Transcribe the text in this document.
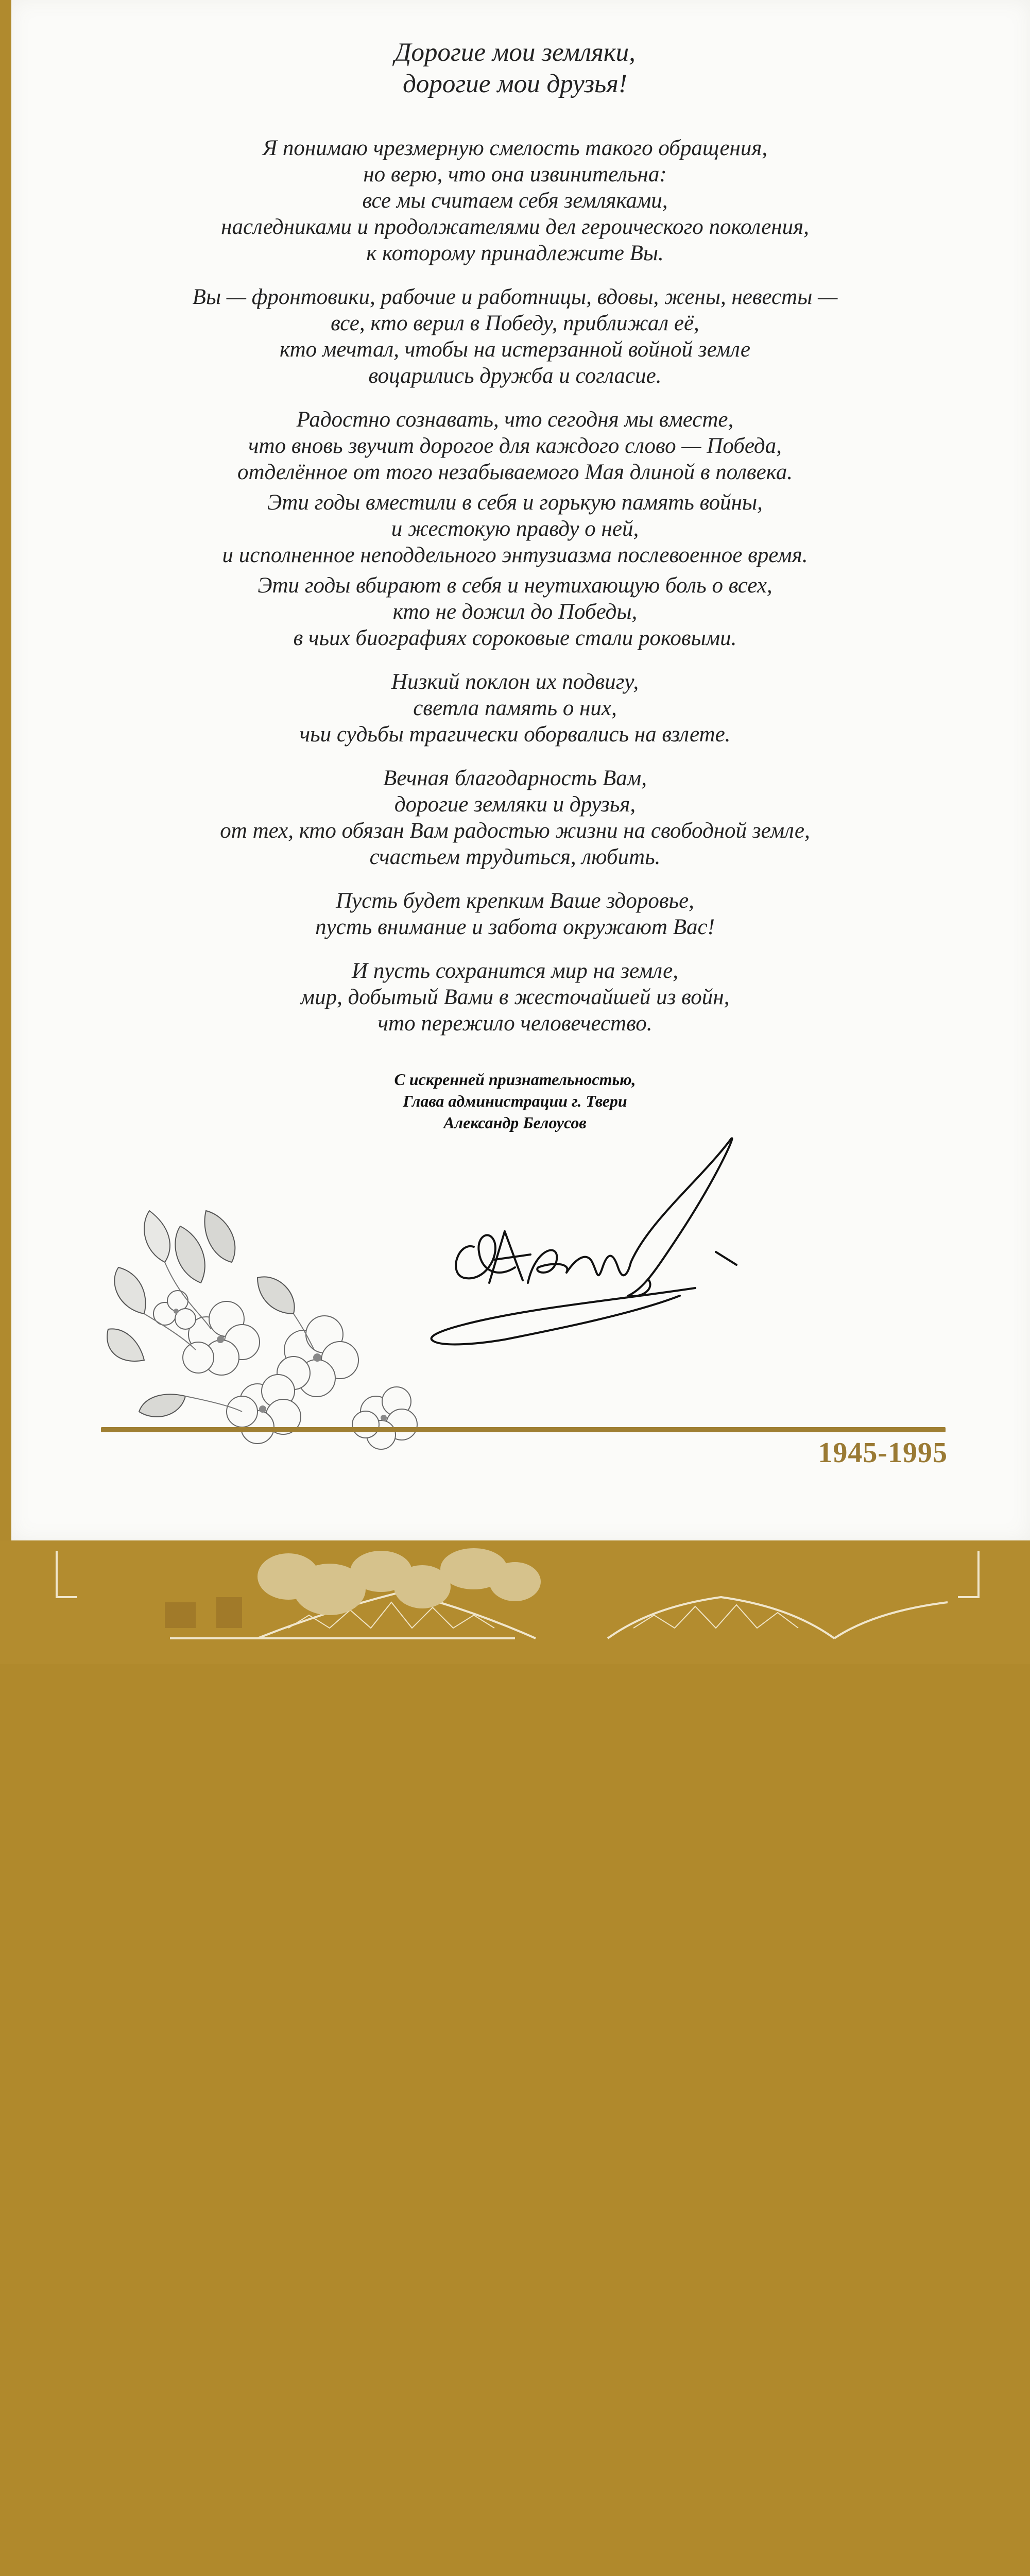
Дорогие мои земляки,
дорогие мои друзья!
Я понимаю чрезмерную смелость такого обращения,
но верю, что она извинительна:
все мы считаем себя земляками,
наследниками и продолжателями дел героического поколения,
к которому принадлежите Вы.
Вы — фронтовики, рабочие и работницы, вдовы, жены, невесты —
все, кто верил в Победу, приближал её,
кто мечтал, чтобы на истерзанной войной земле
воцарились дружба и согласие.
Радостно сознавать, что сегодня мы вместе,
что вновь звучит дорогое для каждого слово — Победа,
отделённое от того незабываемого Мая длиной в полвека.
Эти годы вместили в себя и горькую память войны,
и жестокую правду о ней,
и исполненное неподдельного энтузиазма послевоенное время.
Эти годы вбирают в себя и неутихающую боль о всех,
кто не дожил до Победы,
в чьих биографиях сороковые стали роковыми.
Низкий поклон их подвигу,
светла память о них,
чьи судьбы трагически оборвались на взлете.
Вечная благодарность Вам,
дорогие земляки и друзья,
от тех, кто обязан Вам радостью жизни на свободной земле,
счастьем трудиться, любить.
Пусть будет крепким Ваше здоровье,
пусть внимание и забота окружают Вас!
И пусть сохранится мир на земле,
мир, добытый Вами в жесточайшей из войн,
что пережило человечество.
С искренней признательностью,
Глава администрации г. Твери
Александр Белоусов
1945-1995
